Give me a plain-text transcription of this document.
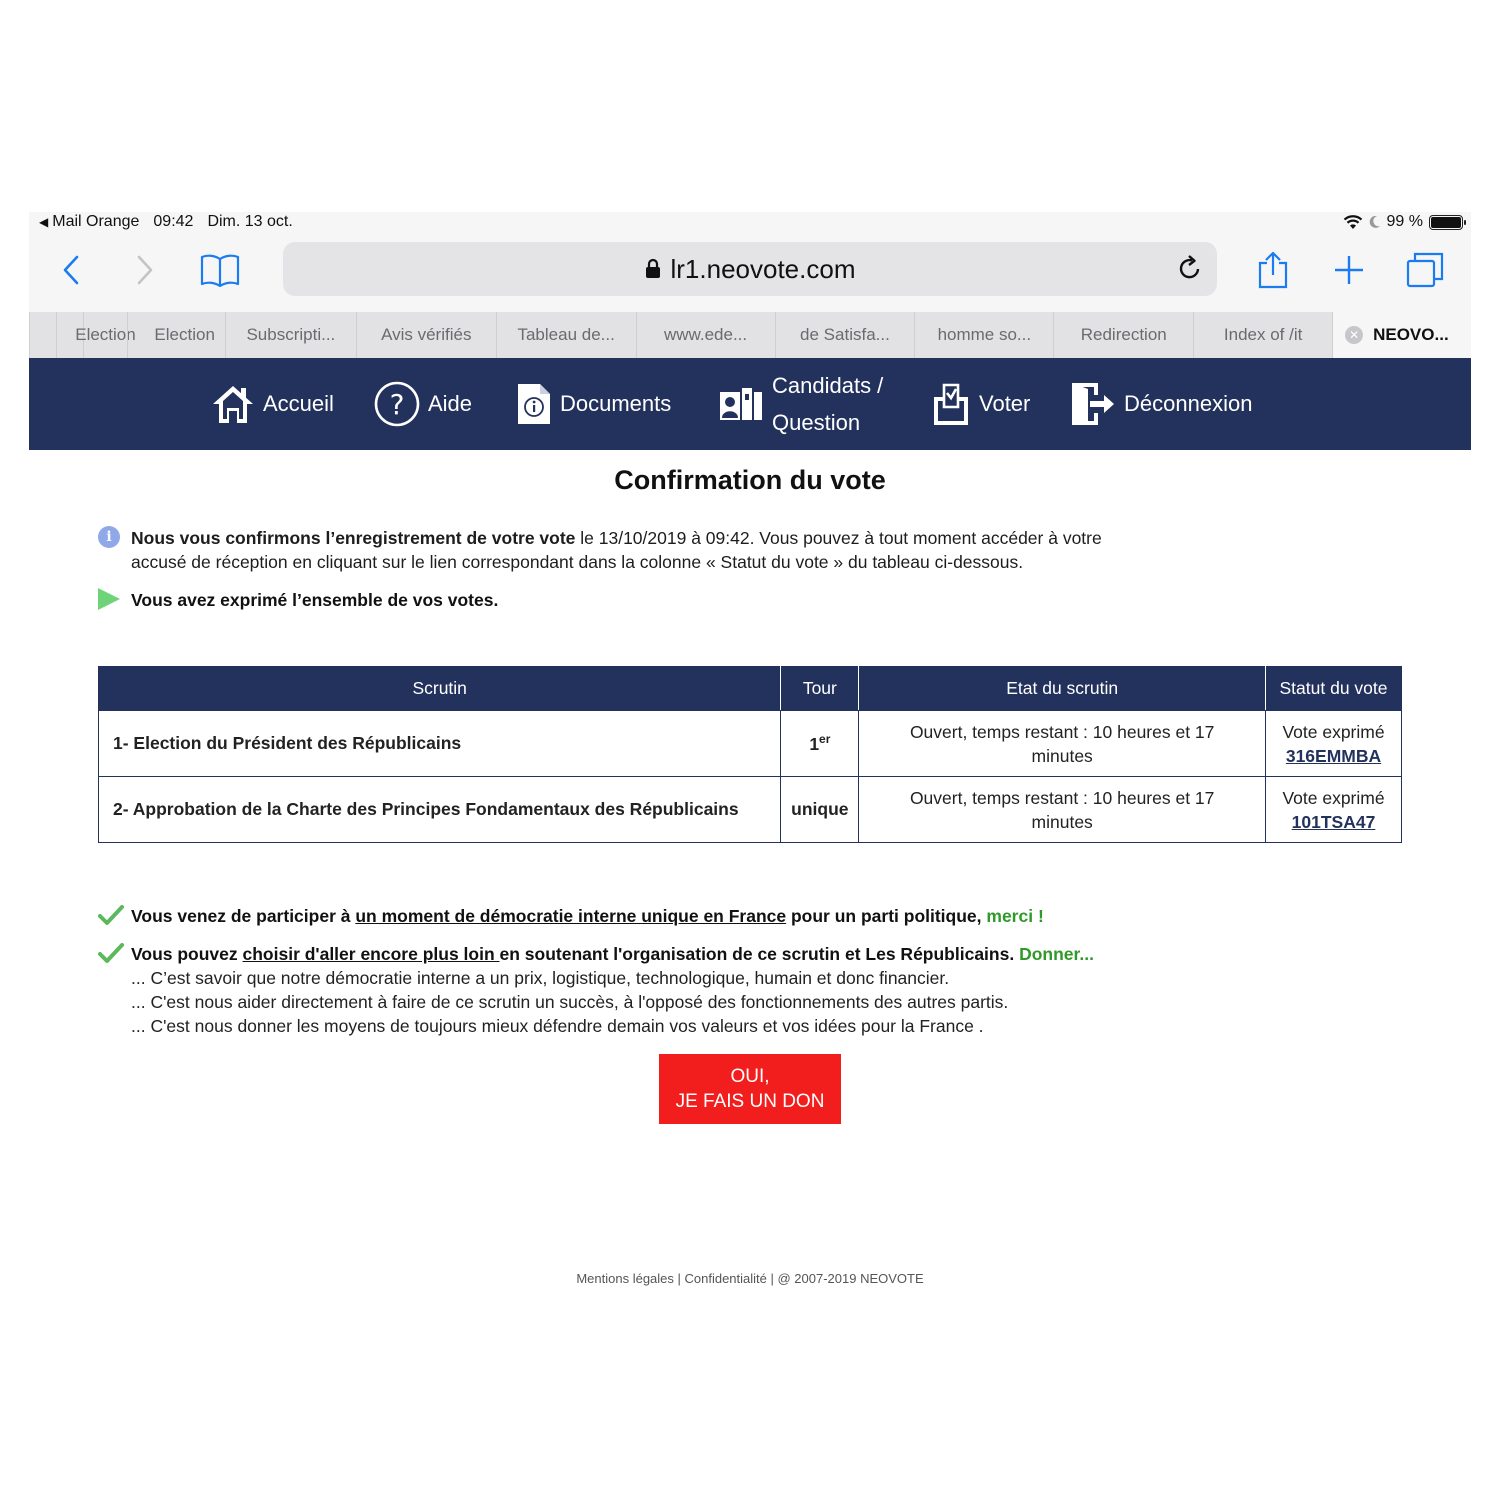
◀ Mail Orange 09:42 Dim. 13 oct.	99 %
lr1.neovote.com
Election Election Subscripti...	Avis vérifiés	Tableau de...	www.ede...	de Satisfa...	homme so...	Redirection	Index of /it	✕ NEOVO...
Accueil ? Aide	Documents
Candidats /
Question
Voter	Déconnexion
Confirmation du vote
i	Nous vous confirmons l’enregistrement de votre vote le 13/10/2019 à 09:42. Vous pouvez à tout moment accéder à votre accusé de réception en cliquant sur le lien correspondant dans la colonne « Statut du vote » du tableau ci-dessous.
Vous avez exprimé l’ensemble de vos votes.
Scrutin	Tour	Etat du scrutin	Statut du vote
1- Election du Président des Républicains	1er	Ouvert, temps restant : 10 heures et 17 minutes	Vote exprimé
316EMMBA
2- Approbation de la Charte des Principes Fondamentaux des Républicains	unique	Ouvert, temps restant : 10 heures et 17 minutes	Vote exprimé
101TSA47
Vous venez de participer à un moment de démocratie interne unique en France pour un parti politique, merci !
Vous pouvez choisir d'aller encore plus loin en soutenant l'organisation de ce scrutin et Les Républicains. Donner...
... C’est savoir que notre démocratie interne a un prix, logistique, technologique, humain et donc financier.
... C'est nous aider directement à faire de ce scrutin un succès, à l'opposé des fonctionnements des autres partis.
... C'est nous donner les moyens de toujours mieux défendre demain vos valeurs et vos idées pour la France .
OUI,
JE FAIS UN DON
Mentions légales | Confidentialité | @ 2007-2019 NEOVOTE
